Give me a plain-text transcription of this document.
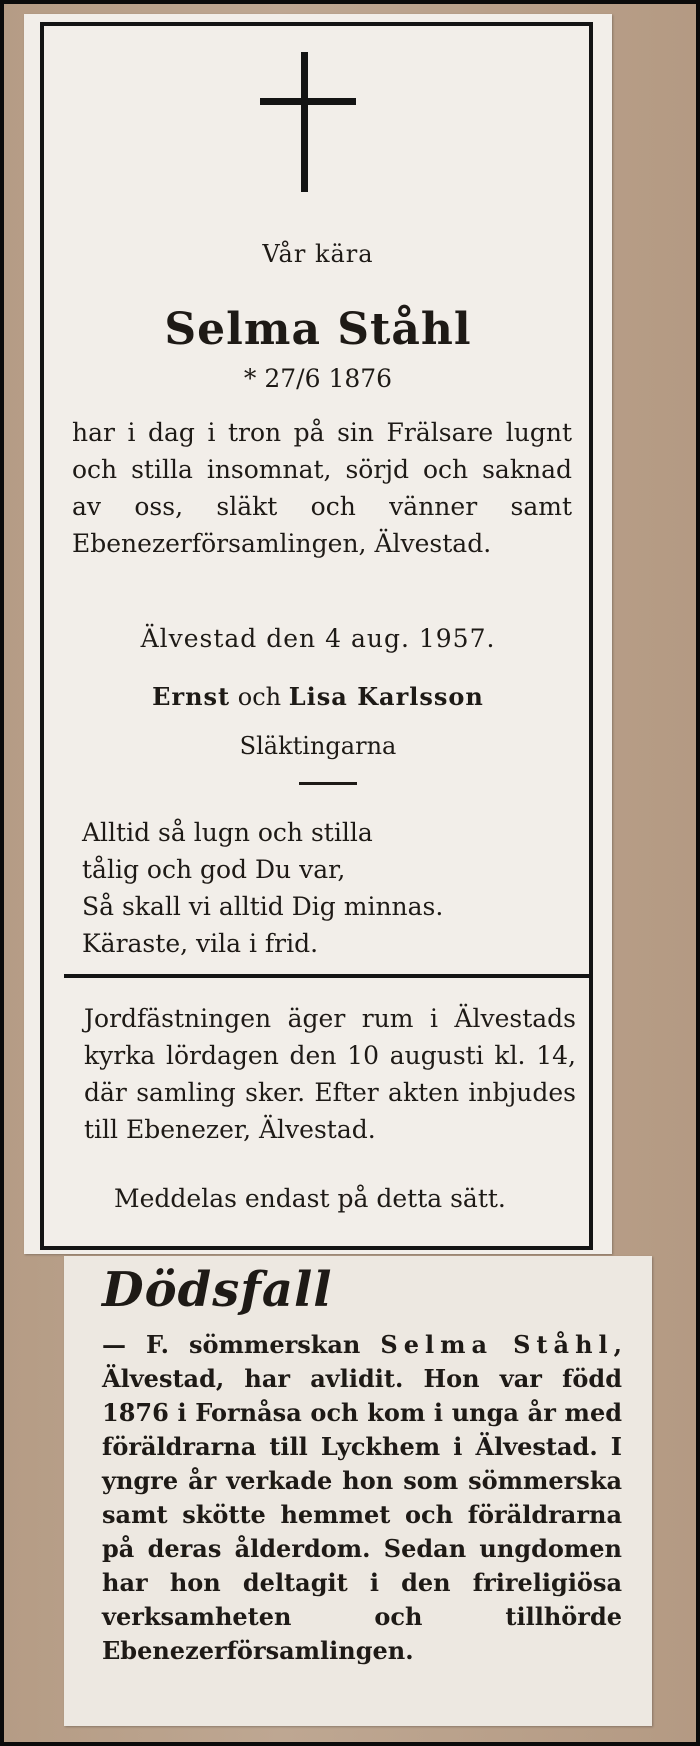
Vår kära
Selma Ståhl
* 27/6 1876

har i dag i tron på sin Frälsare lugnt och stilla insomnat, sörjd och saknad av oss, släkt och vänner samt Ebenezerförsamlingen, Älvestad.

Älvestad den 4 aug. 1957.
Ernst och Lisa Karlsson
Släktingarna
Alltid så lugn och stilla
tålig och god Du var,
Så skall vi alltid Dig minnas.
Käraste, vila i frid.

Jordfästningen äger rum i Älvestads kyrka lördagen den 10 augusti kl. 14, där samling sker. Efter akten inbjudes till Ebenezer, Älvestad.

Meddelas endast på detta sätt.
Dödsfall

— F. sömmerskan Selma Ståhl, Älvestad, har avlidit. Hon var född 1876 i Fornåsa och kom i unga år med föräldrarna till Lyckhem i Älvestad. I yngre år verkade hon som sömmerska samt skötte hemmet och föräldrarna på deras ålderdom. Sedan ungdomen har hon deltagit i den frireligiösa verksamheten och tillhörde Ebenezerförsamlingen.
